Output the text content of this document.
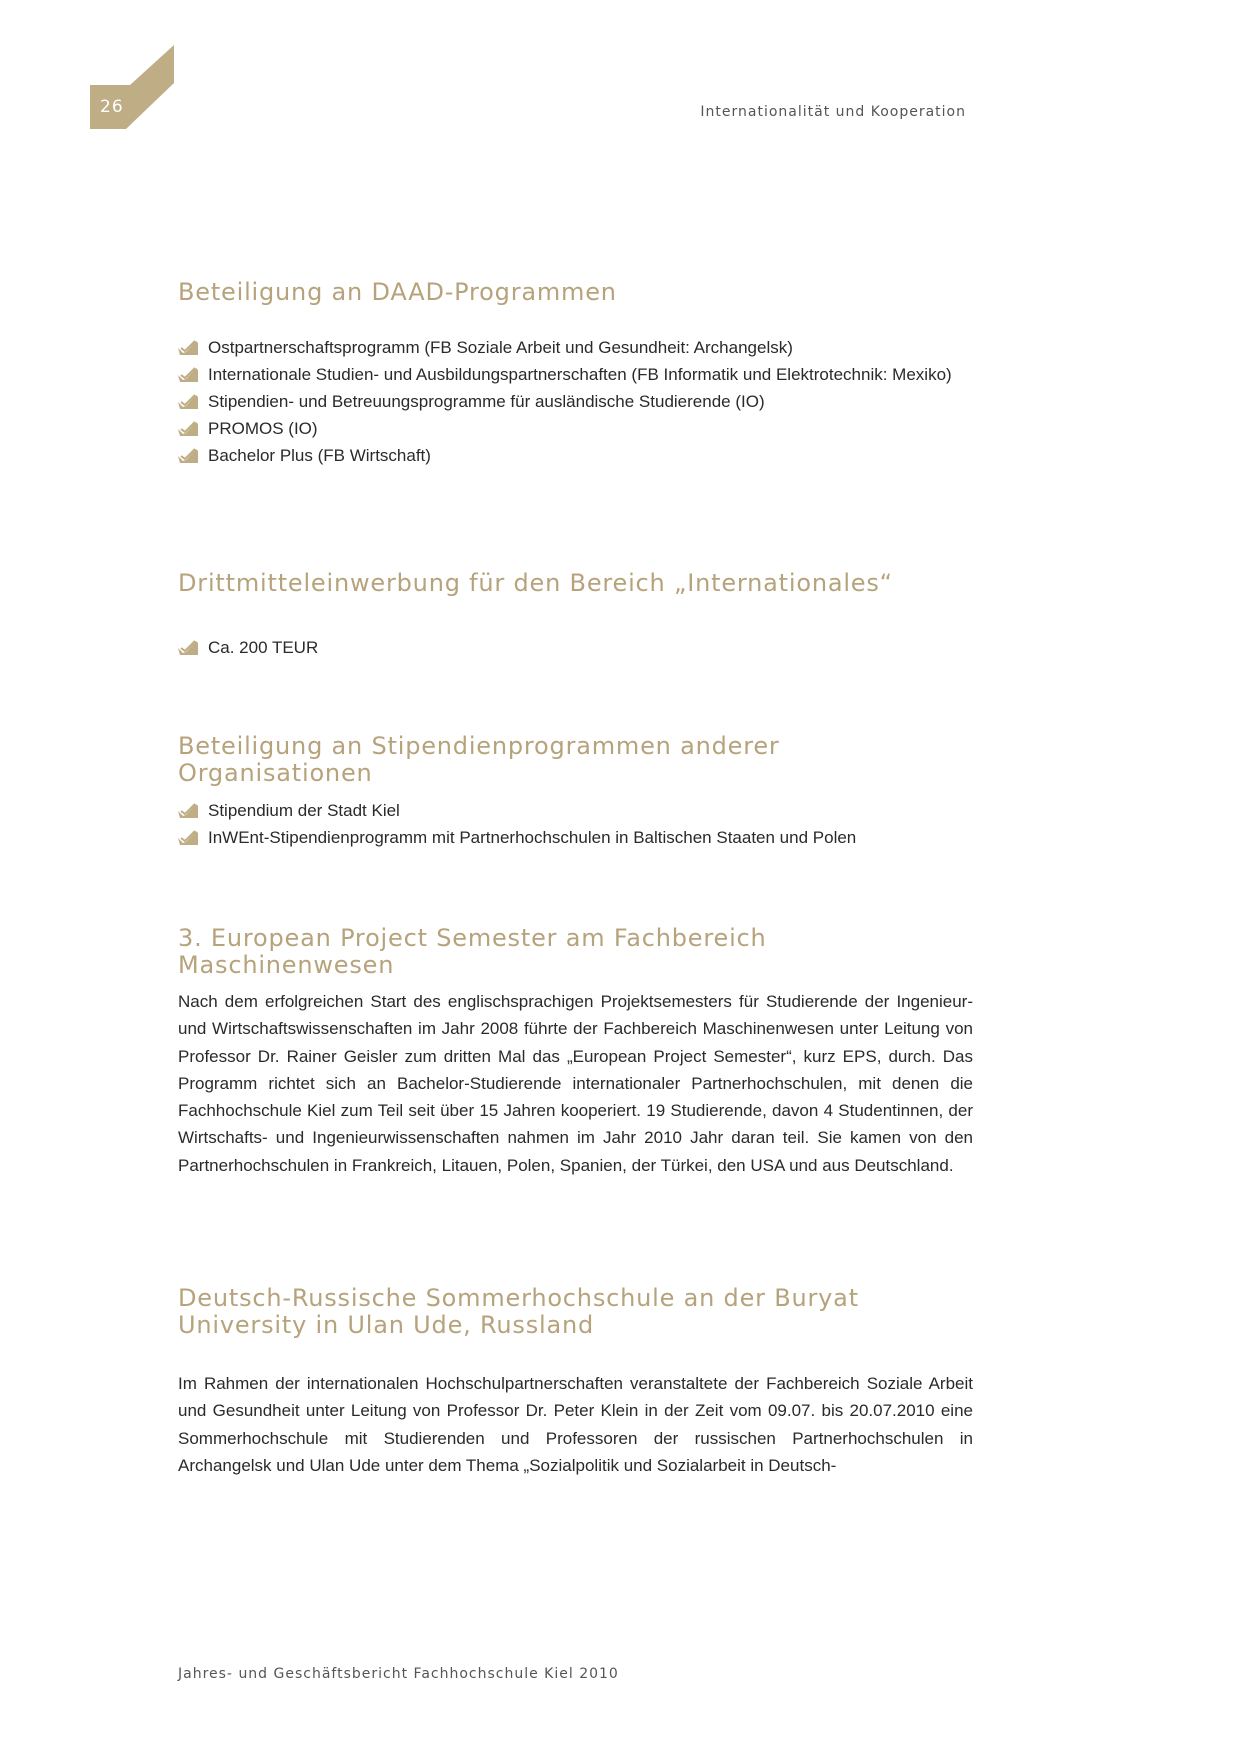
26	Internationalität und Kooperation
Beteiligung an DAAD-Programmen
Ostpartnerschaftsprogramm (FB Soziale Arbeit und Gesundheit: Archangelsk)
Internationale Studien- und Ausbildungspartnerschaften (FB Informatik und Elektrotechnik: Mexiko)
Stipendien- und Betreuungsprogramme für ausländische Studierende (IO)
PROMOS (IO)
Bachelor Plus (FB Wirtschaft)
Drittmitteleinwerbung für den Bereich „Internationales“
Ca. 200 TEUR
Beteiligung an Stipendienprogrammen anderer Organisationen
Stipendium der Stadt Kiel
InWEnt-Stipendienprogramm mit Partnerhochschulen in Baltischen Staaten und Polen
3. European Project Semester am Fachbereich Maschinenwesen

Nach dem erfolgreichen Start des englischsprachigen Projektsemesters für Studierende der Ingenieur- und Wirtschaftswissenschaften im Jahr 2008 führte der Fachbereich Maschinenwesen unter Leitung von Professor Dr. Rainer Geisler zum dritten Mal das „European Project Semester“, kurz EPS, durch. Das Programm richtet sich an Bachelor-Studierende internationaler Partnerhochschulen, mit denen die Fachhochschule Kiel zum Teil seit über 15 Jahren kooperiert. 19 Studierende, davon 4 Studentinnen, der Wirtschafts- und Ingenieurwissenschaften nahmen im Jahr 2010 Jahr daran teil. Sie kamen von den Partnerhochschulen in Frankreich, Litauen, Polen, Spanien, der Türkei, den USA und aus Deutschland.

Deutsch-Russische Sommerhochschule an der Buryat University in Ulan Ude, Russland

Im Rahmen der internationalen Hochschulpartnerschaften veranstaltete der Fachbereich Soziale Arbeit und Gesundheit unter Leitung von Professor Dr. Peter Klein in der Zeit vom 09.07. bis 20.07.2010 eine Sommerhochschule mit Studierenden und Professoren der russischen Partnerhochschulen in Archangelsk und Ulan Ude unter dem Thema „Sozialpolitik und Sozialarbeit in Deutsch-

Jahres- und Geschäftsbericht Fachhochschule Kiel 2010
